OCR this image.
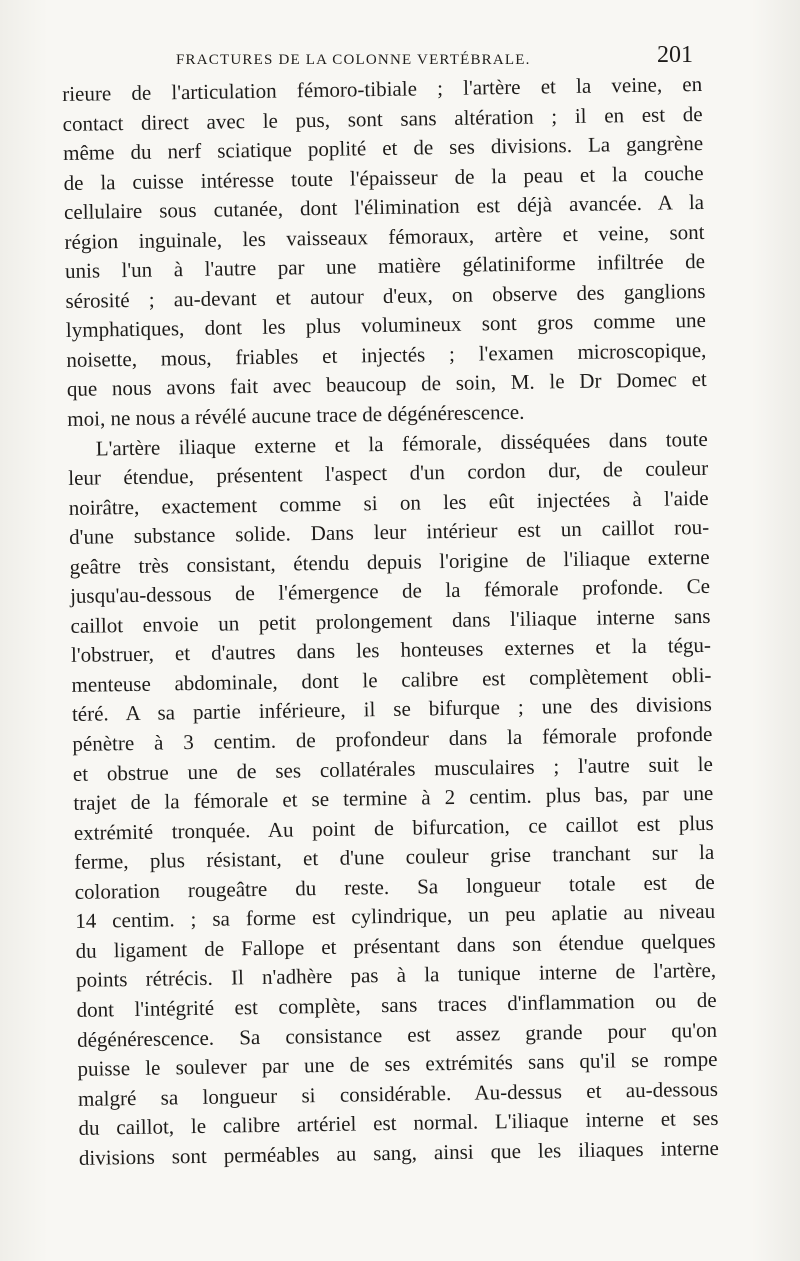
FRACTURES DE LA COLONNE VERTÉBRALE.	201
rieure de l'articulation fémoro-tibiale ; l'artère et la veine, en
contact direct avec le pus, sont sans altération ; il en est de
même du nerf sciatique poplité et de ses divisions. La gangrène
de la cuisse intéresse toute l'épaisseur de la peau et la couche
cellulaire sous cutanée, dont l'élimination est déjà avancée. A la
région inguinale, les vaisseaux fémoraux, artère et veine, sont
unis l'un à l'autre par une matière gélatiniforme infiltrée de
sérosité ; au-devant et autour d'eux, on observe des ganglions
lymphatiques, dont les plus volumineux sont gros comme une
noisette, mous, friables et injectés ; l'examen microscopique,
que nous avons fait avec beaucoup de soin, M. le Dr Domec et
moi, ne nous a révélé aucune trace de dégénérescence.
L'artère iliaque externe et la fémorale, disséquées dans toute
leur étendue, présentent l'aspect d'un cordon dur, de couleur
noirâtre, exactement comme si on les eût injectées à l'aide
d'une substance solide. Dans leur intérieur est un caillot rou-
geâtre très consistant, étendu depuis l'origine de l'iliaque externe
jusqu'au-dessous de l'émergence de la fémorale profonde. Ce
caillot envoie un petit prolongement dans l'iliaque interne sans
l'obstruer, et d'autres dans les honteuses externes et la tégu-
menteuse abdominale, dont le calibre est complètement obli-
téré. A sa partie inférieure, il se bifurque ; une des divisions
pénètre à 3 centim. de profondeur dans la fémorale profonde
et obstrue une de ses collatérales musculaires ; l'autre suit le
trajet de la fémorale et se termine à 2 centim. plus bas, par une
extrémité tronquée. Au point de bifurcation, ce caillot est plus
ferme, plus résistant, et d'une couleur grise tranchant sur la
coloration rougeâtre du reste. Sa longueur totale est de
14 centim. ; sa forme est cylindrique, un peu aplatie au niveau
du ligament de Fallope et présentant dans son étendue quelques
points rétrécis. Il n'adhère pas à la tunique interne de l'artère,
dont l'intégrité est complète, sans traces d'inflammation ou de
dégénérescence. Sa consistance est assez grande pour qu'on
puisse le soulever par une de ses extrémités sans qu'il se rompe
malgré sa longueur si considérable. Au-dessus et au-dessous
du caillot, le calibre artériel est normal. L'iliaque interne et ses
divisions sont perméables au sang, ainsi que les iliaques interne
